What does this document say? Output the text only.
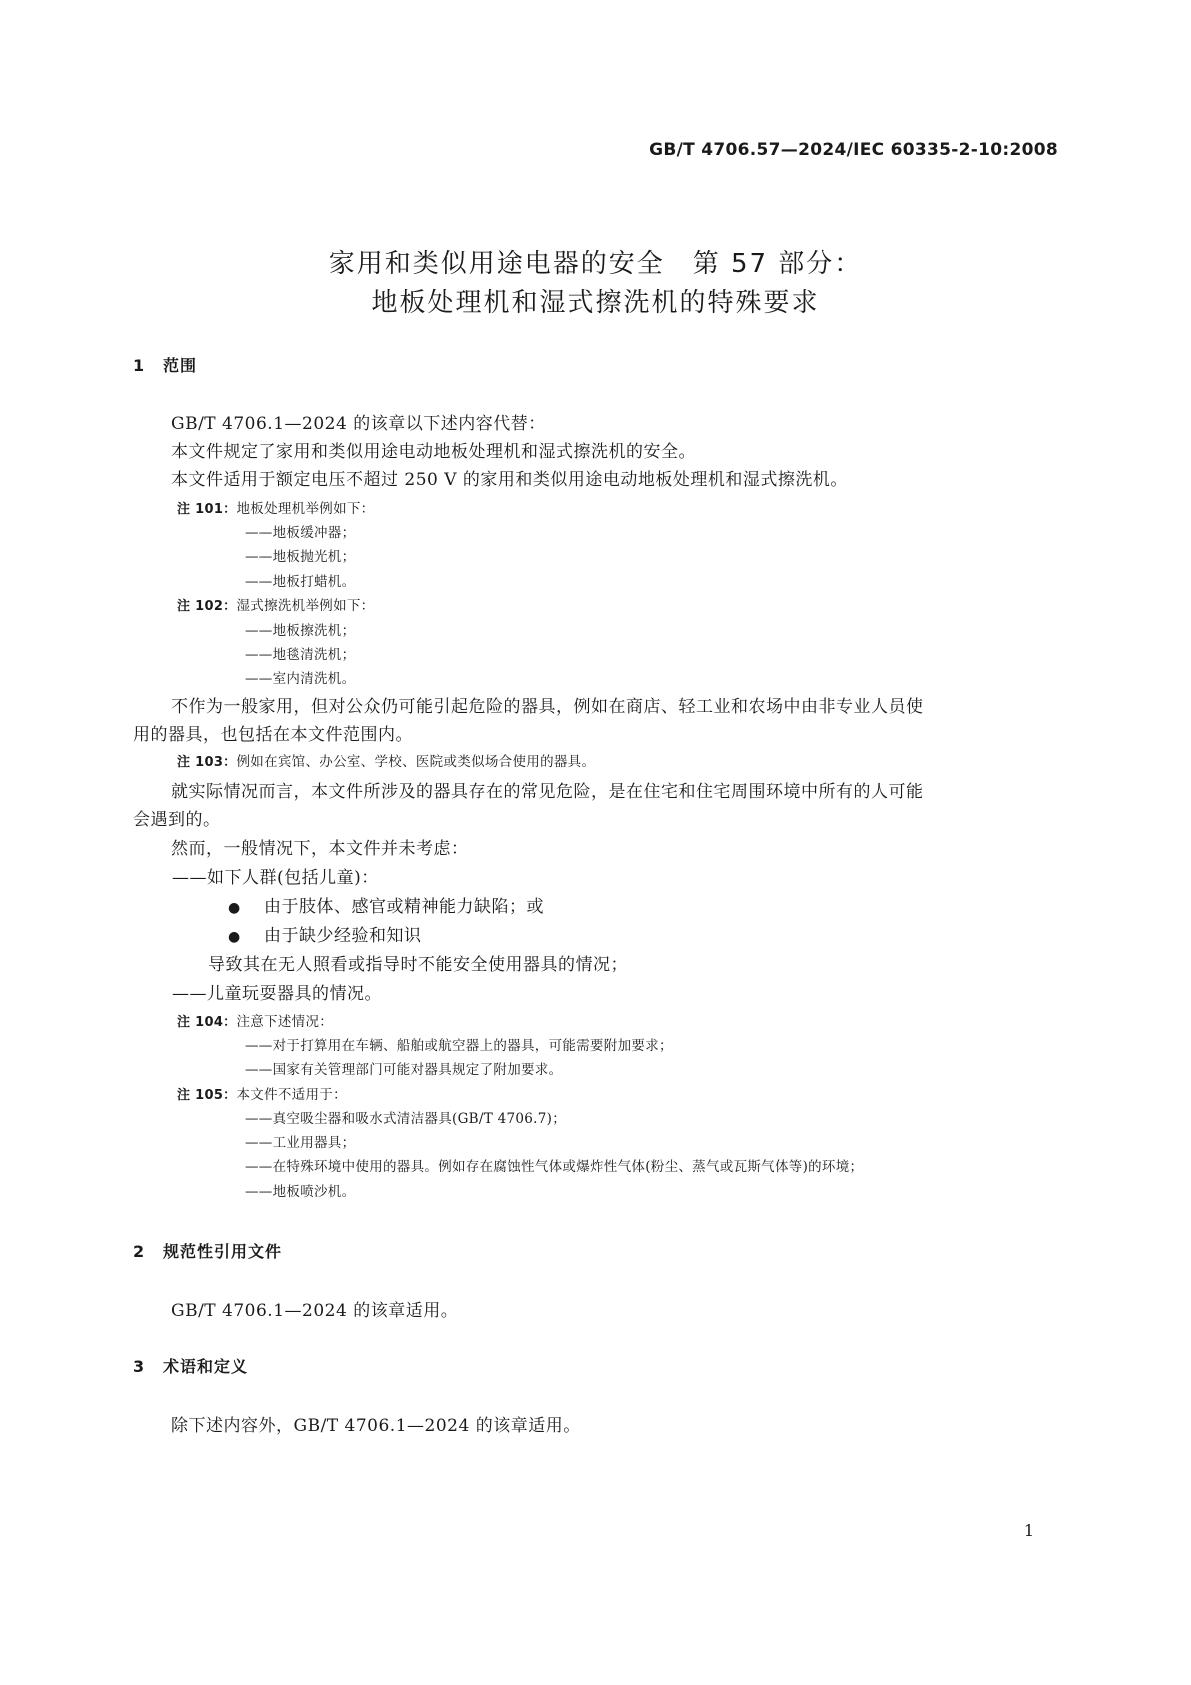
GB/T 4706.57—2024/IEC 60335-2-10:2008
家用和类似用途电器的安全　第 57 部分：
地板处理机和湿式擦洗机的特殊要求
1 范围
GB/T 4706.1—2024 的该章以下述内容代替：
本文件规定了家用和类似用途电动地板处理机和湿式擦洗机的安全。
本文件适用于额定电压不超过 250 V 的家用和类似用途电动地板处理机和湿式擦洗机。
注 101：地板处理机举例如下：
——地板缓冲器；
——地板抛光机；
——地板打蜡机。
注 102：湿式擦洗机举例如下：
——地板擦洗机；
——地毯清洗机；
——室内清洗机。
不作为一般家用，但对公众仍可能引起危险的器具，例如在商店、轻工业和农场中由非专业人员使
用的器具，也包括在本文件范围内。
注 103：例如在宾馆、办公室、学校、医院或类似场合使用的器具。
就实际情况而言，本文件所涉及的器具存在的常见危险，是在住宅和住宅周围环境中所有的人可能
会遇到的。
然而，一般情况下，本文件并未考虑：
——如下人群(包括儿童)：
● 由于肢体、感官或精神能力缺陷；或
● 由于缺少经验和知识
导致其在无人照看或指导时不能安全使用器具的情况；
——儿童玩耍器具的情况。
注 104：注意下述情况：
——对于打算用在车辆、船舶或航空器上的器具，可能需要附加要求；
——国家有关管理部门可能对器具规定了附加要求。
注 105：本文件不适用于：
——真空吸尘器和吸水式清洁器具(GB/T 4706.7)；
——工业用器具；
——在特殊环境中使用的器具。例如存在腐蚀性气体或爆炸性气体(粉尘、蒸气或瓦斯气体等)的环境；
——地板喷沙机。
2 规范性引用文件
GB/T 4706.1—2024 的该章适用。
3 术语和定义
除下述内容外，GB/T 4706.1—2024 的该章适用。
1
